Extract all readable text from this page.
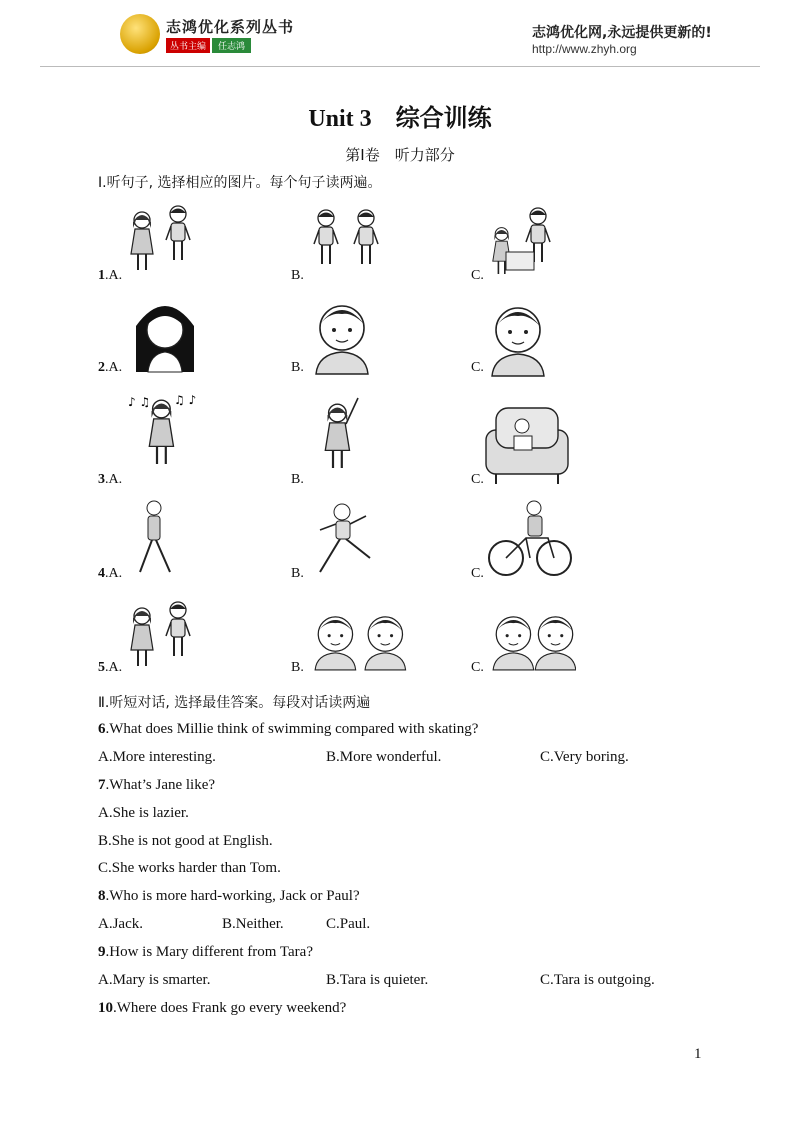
志鸿优化系列丛书
丛书主编	任志鸿
志鸿优化网,永远提供更新的!
http://www.zhyh.org
Unit 3　综合训练
第Ⅰ卷　听力部分
Ⅰ.听句子, 选择相应的图片。每个句子读两遍。
1.A.	B.	C.
2.A.	B.	C.
3.A.
♪ ♫ ♫ ♪
B.	C.
4.A.	B.	C.
5.A.	B.	C.
Ⅱ.听短对话, 选择最佳答案。每段对话读两遍
6.What does Millie think of swimming compared with skating?
A.More interesting.	B.More wonderful.	C.Very boring.
7.What’s Jane like?
A.She is lazier.
B.She is not good at English.
C.She works harder than Tom.
8.Who is more hard-working, Jack or Paul?
A.Jack.	B.Neither.	C.Paul.
9.How is Mary different from Tara?
A.Mary is smarter.	B.Tara is quieter.	C.Tara is outgoing.
10.Where does Frank go every weekend?
1
